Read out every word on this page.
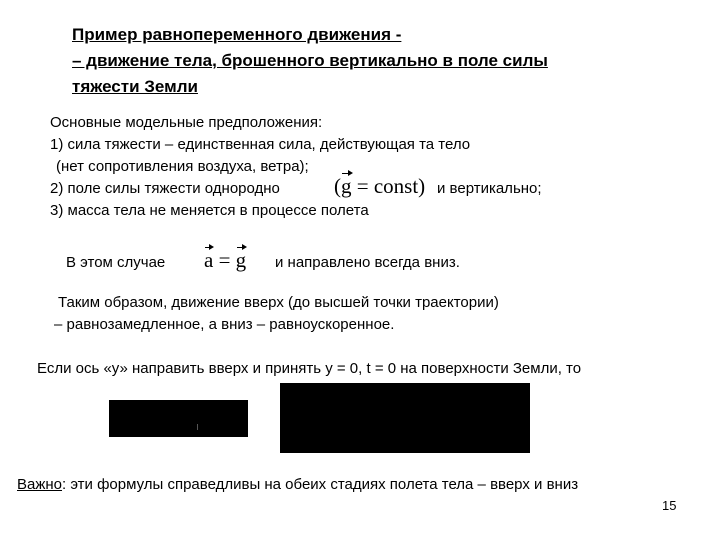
Пример равнопеременного движения -
– движение тела, брошенного вертикально в поле силы
тяжести Земли
Основные модельные предположения:
1) сила тяжести – единственная сила, действующая та тело
(нет сопротивления воздуха, ветра);
2) поле силы тяжести однородно	(g = const) и вертикально;
3) масса тела не меняется в процессе полета
В этом случае a = g и направлено всегда вниз.
Таким образом, движение вверх (до высшей точки траектории)
– равнозамедленное, а вниз – равноускоренное.
Если ось «у» направить вверх и принять у = 0, t = 0 на поверхности Земли, то
Важно: эти формулы справедливы на обеих стадиях полета тела – вверх и вниз
15
